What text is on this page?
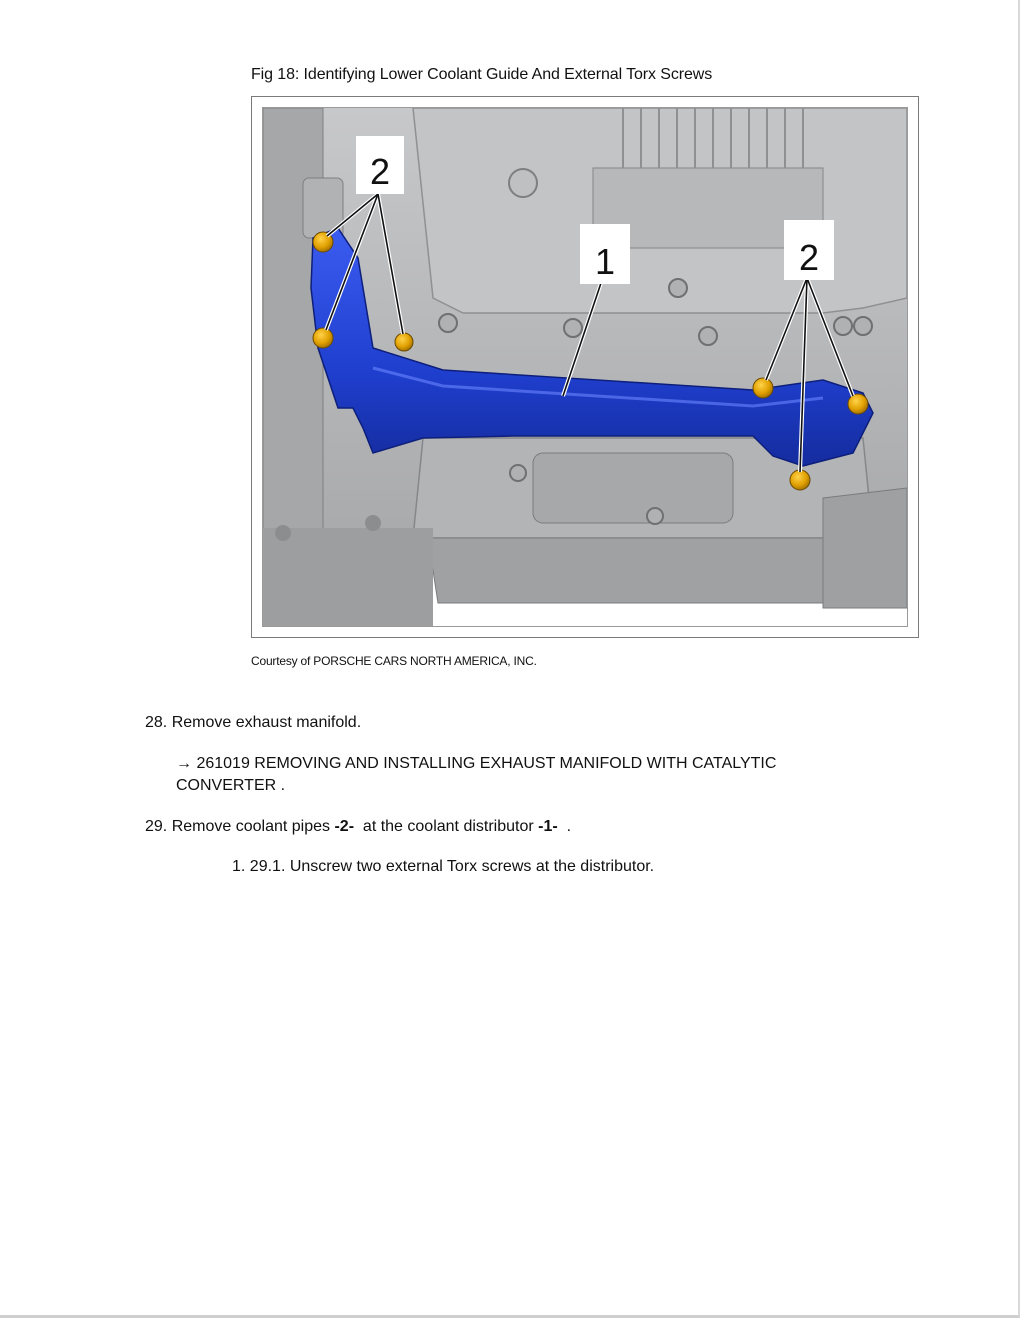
Fig 18: Identifying Lower Coolant Guide And External Torx Screws
2
1	2
Courtesy of PORSCHE CARS NORTH AMERICA, INC.
28. Remove exhaust manifold.
→ 261019 REMOVING AND INSTALLING EXHAUST MANIFOLD WITH CATALYTIC CONVERTER .
29. Remove coolant pipes -2-  at the coolant distributor -1-  .
1. 29.1. Unscrew two external Torx screws at the distributor.
